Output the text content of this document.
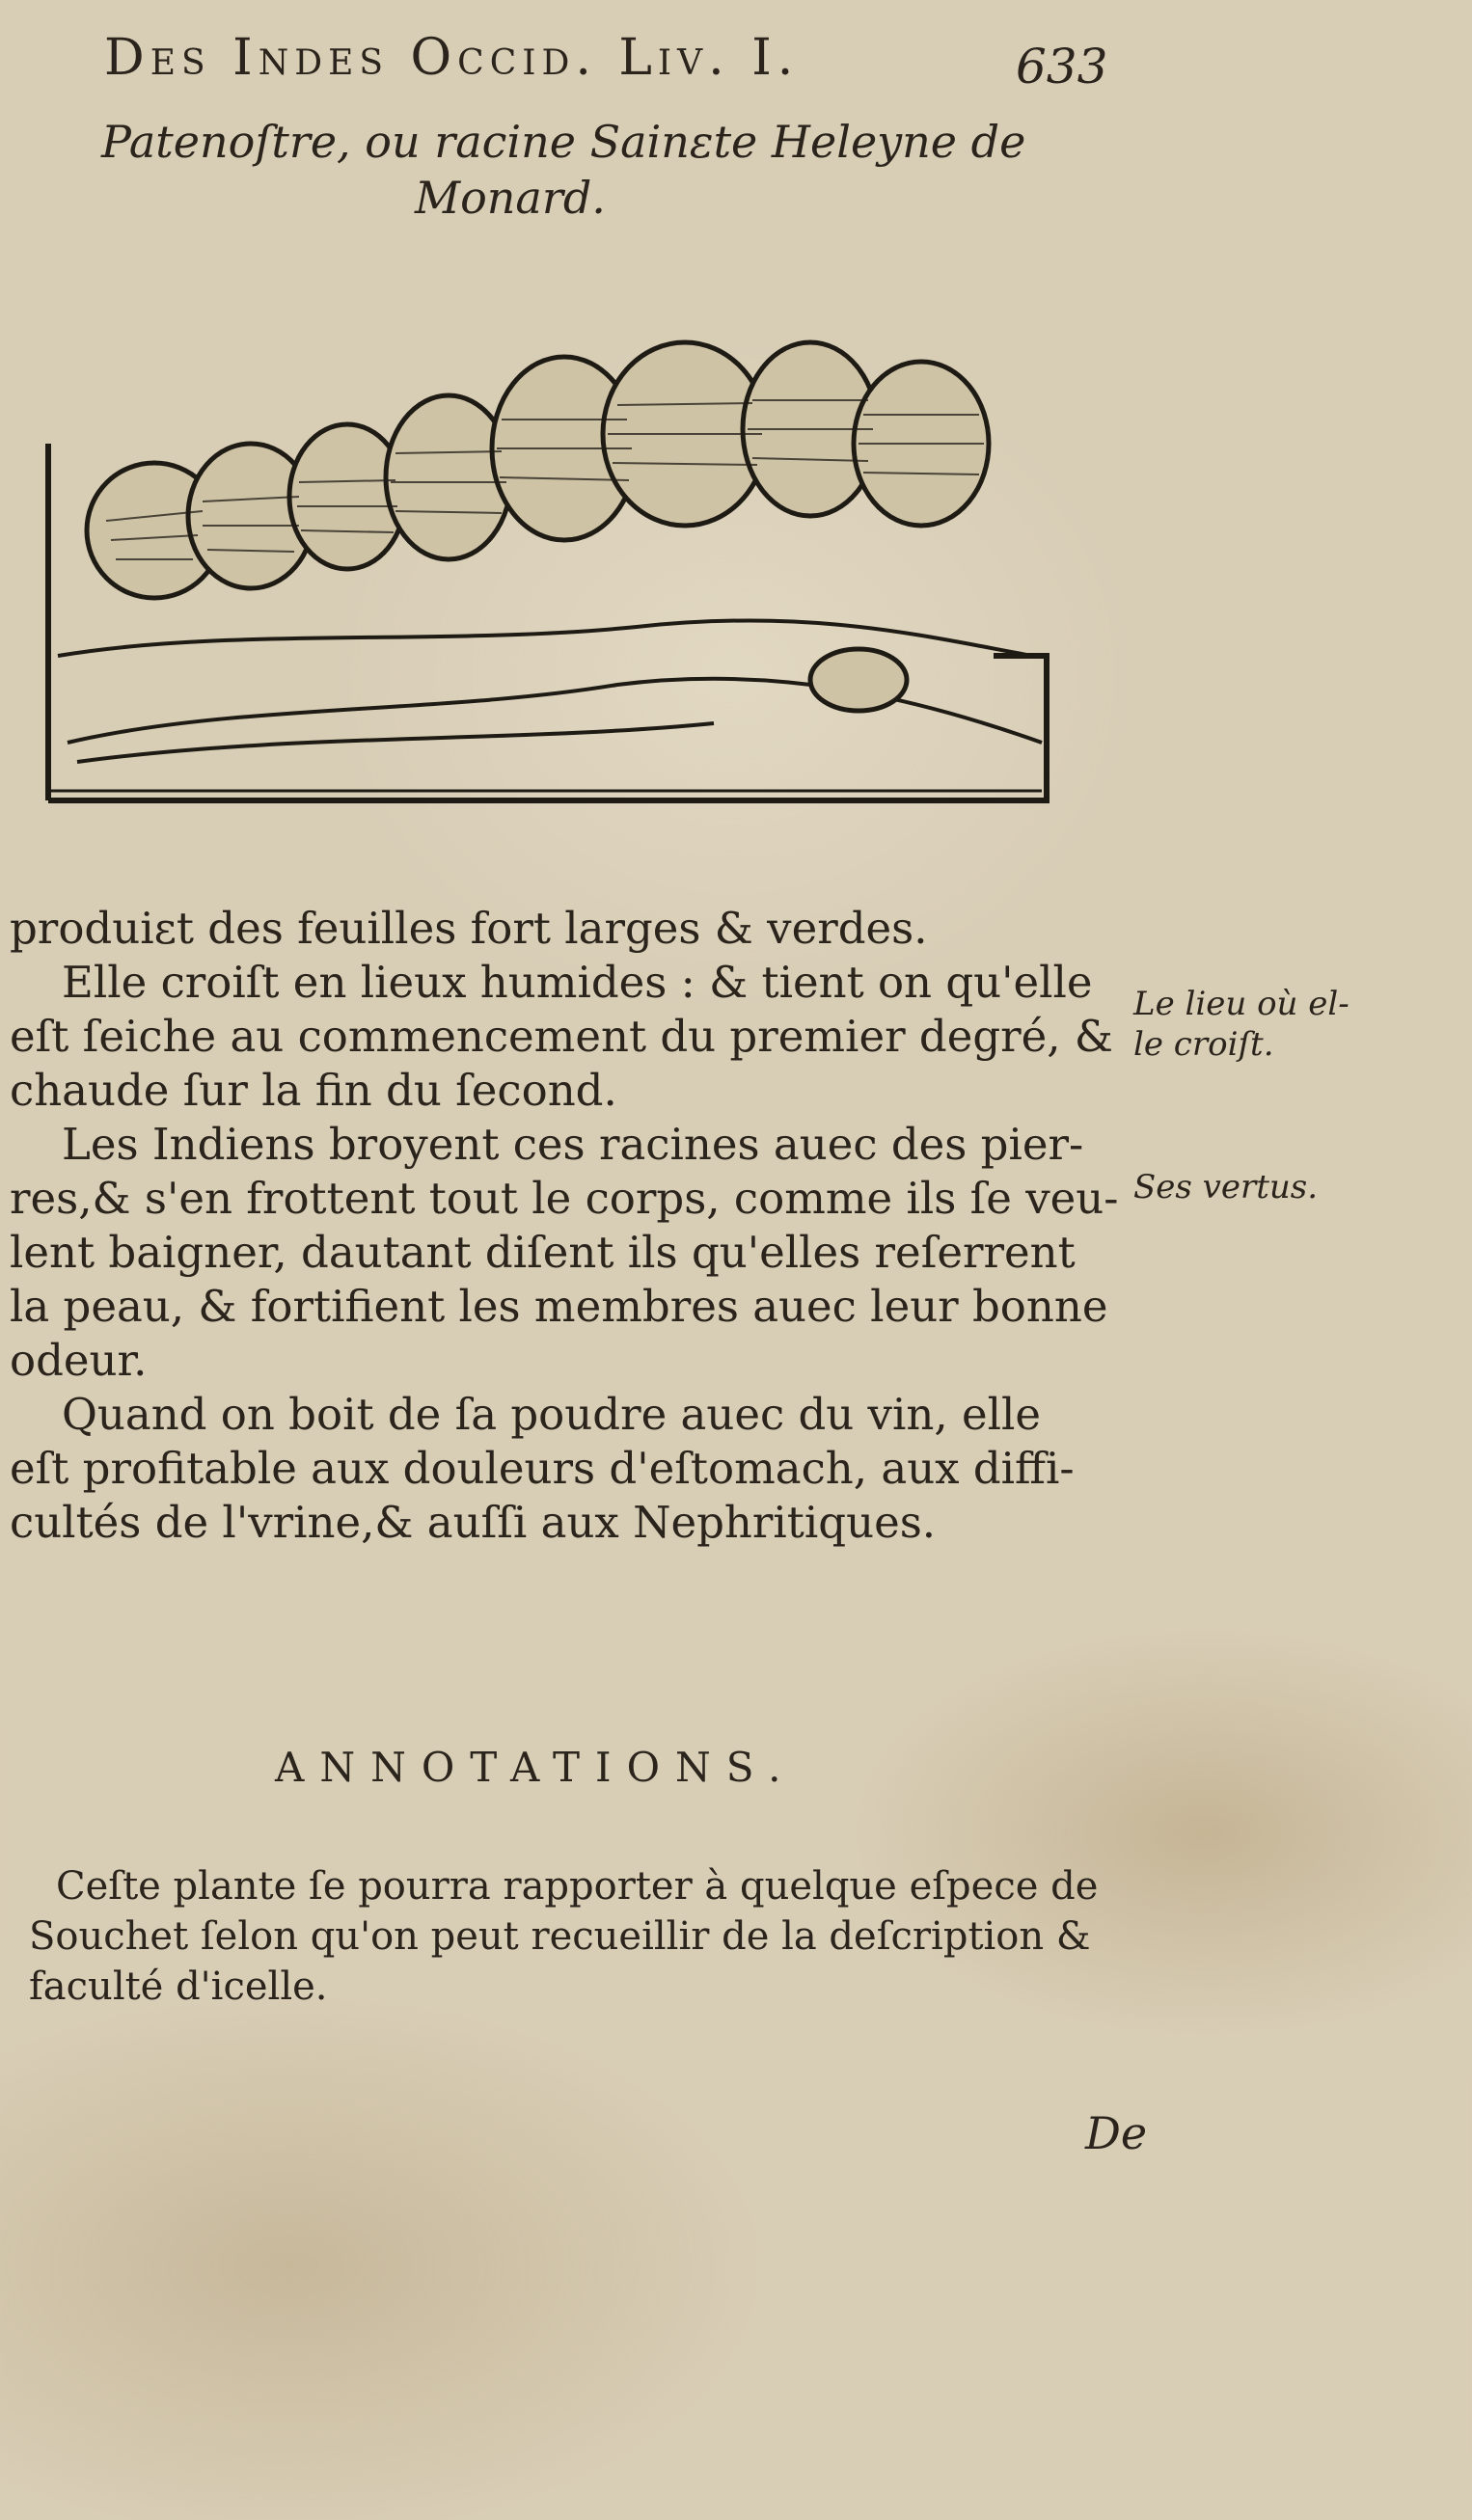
Des Indes Occid. Liv. I.	633
Patenoſtre, ou racine Sainɛte Heleyne de
Monard.
produiɛt des feuilles fort larges & verdes.
Elle croiſt en lieux humides : & tient on qu'elle
eſt ſeiche au commencement du premier degré, &
chaude ſur la fin du ſecond.
Les Indiens broyent ces racines auec des pier-
res,& s'en frottent tout le corps, comme ils ſe veu-
lent baigner, dautant diſent ils qu'elles reſerrent
la peau, & fortifient les membres auec leur bonne
odeur.
Quand on boit de ſa poudre auec du vin, elle
eſt profitable aux douleurs d'eſtomach, aux diffi-
cultés de l'vrine,& auſſi aux Nephritiques.
Le lieu où el-
le croiſt.
Ses vertus.
ANNOTATIONS.
Ceſte plante ſe pourra rapporter à quelque eſpece de
Souchet ſelon qu'on peut recueillir de la deſcription &
faculté d'icelle.
De
